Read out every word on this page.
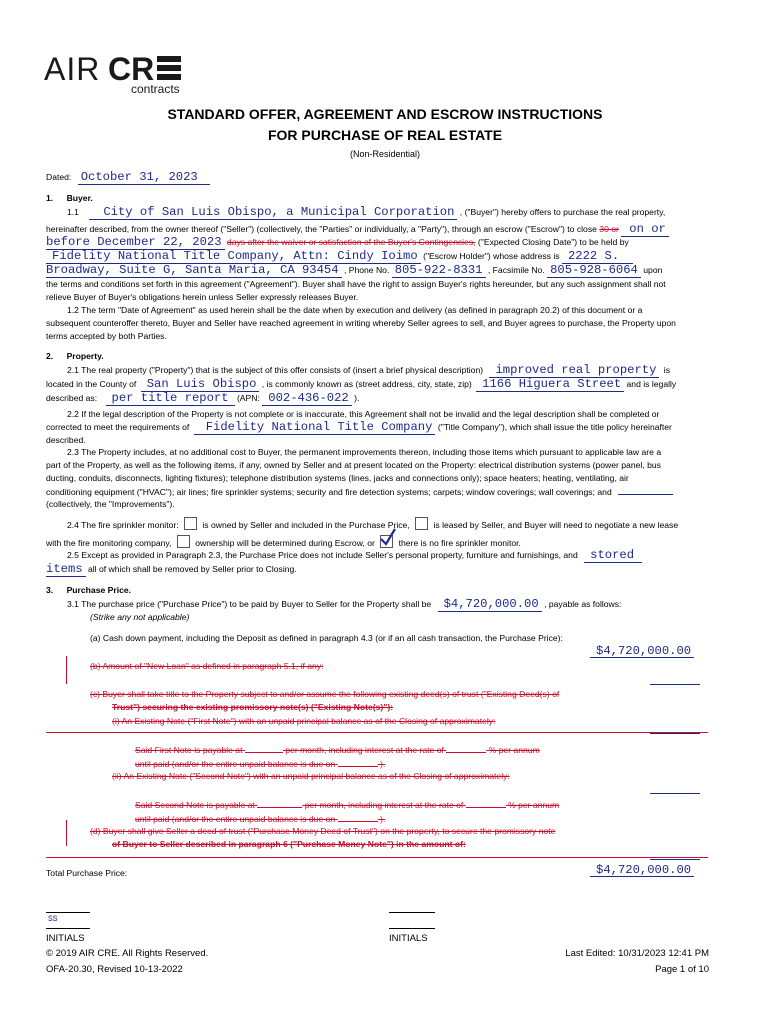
AIR CR
contracts
STANDARD OFFER, AGREEMENT AND ESCROW INSTRUCTIONS
FOR PURCHASE OF REAL ESTATE
(Non-Residential)
Dated: October 31, 2023
1. Buyer.
1.1 City of San Luis Obispo, a Municipal Corporation , ("Buyer") hereby offers to purchase the real property,
hereinafter described, from the owner thereof ("Seller") (collectively, the "Parties" or individually, a "Party"), through an escrow ("Escrow") to close 30 or on or
before December 22, 2023 days after the waiver or satisfaction of the Buyer's Contingencies, ("Expected Closing Date") to be held by
Fidelity National Title Company, Attn: Cindy Ioimo ("Escrow Holder") whose address is 2222 S.
Broadway, Suite G, Santa Maria, CA 93454 , Phone No. 805-922-8331 , Facsimile No. 805-928-6064 upon
the terms and conditions set forth in this agreement ("Agreement"). Buyer shall have the right to assign Buyer's rights hereunder, but any such assignment shall not
relieve Buyer of Buyer's obligations herein unless Seller expressly releases Buyer.
1.2 The term "Date of Agreement" as used herein shall be the date when by execution and delivery (as defined in paragraph 20.2) of this document or a
subsequent counteroffer thereto, Buyer and Seller have reached agreement in writing whereby Seller agrees to sell, and Buyer agrees to purchase, the Property upon
terms accepted by both Parties.
2. Property.
2.1 The real property ("Property") that is the subject of this offer consists of (insert a brief physical description) improved real property is
located in the County of San Luis Obispo , is commonly known as (street address, city, state, zip) 1166 Higuera Street and is legally
described as: per title report (APN: 002-436-022 ).
2.2 If the legal description of the Property is not complete or is inaccurate, this Agreement shall not be invalid and the legal description shall be completed or
corrected to meet the requirements of Fidelity National Title Company ("Title Company"), which shall issue the title policy hereinafter
described.
2.3 The Property includes, at no additional cost to Buyer, the permanent improvements thereon, including those items which pursuant to applicable law are a
part of the Property, as well as the following items, if any, owned by Seller and at present located on the Property: electrical distribution systems (power panel, bus
ducting, conduits, disconnects, lighting fixtures); telephone distribution systems (lines, jacks and connections only); space heaters; heating, ventilating, air
conditioning equipment ("HVAC"); air lines; fire sprinkler systems; security and fire detection systems; carpets; window coverings; wall coverings; and
(collectively, the "Improvements").
2.4 The fire sprinkler monitor:	is owned by Seller and included in the Purchase Price,	is leased by Seller, and Buyer will need to negotiate a new lease
with the fire monitoring company,	ownership will be determined during Escrow, or	there is no fire sprinkler monitor.
2.5 Except as provided in Paragraph 2.3, the Purchase Price does not include Seller's personal property, furniture and furnishings, and stored
items all of which shall be removed by Seller prior to Closing.
3. Purchase Price.
3.1 The purchase price ("Purchase Price") to be paid by Buyer to Seller for the Property shall be $4,720,000.00 , payable as follows:
(Strike any not applicable)
(a) Cash down payment, including the Deposit as defined in paragraph 4.3 (or if an all cash transaction, the Purchase Price):
$4,720,000.00
(b) Amount of "New Loan" as defined in paragraph 5.1, if any:
(c) Buyer shall take title to the Property subject to and/or assume the following existing deed(s) of trust ("Existing Deed(s) of
Trust") securing the existing promissory note(s) ("Existing Note(s)"):
(i) An Existing Note ("First Note") with an unpaid principal balance as of the Closing of approximately:
Said First Note is payable at	per month, including interest at the rate of	% per annum
until paid (and/or the entire unpaid balance is due on	).
(ii) An Existing Note ("Second Note") with an unpaid principal balance as of the Closing of approximately:
Said Second Note is payable at	per month, including interest at the rate of	% per annum
until paid (and/or the entire unpaid balance is due on	).
(d) Buyer shall give Seller a deed of trust ("Purchase Money Deed of Trust") on the property, to secure the promissory note
of Buyer to Seller described in paragraph 6 ("Purchase Money Note") in the amount of:
Total Purchase Price:	$4,720,000.00
SS
INITIALS	INITIALS
© 2019 AIR CRE. All Rights Reserved.
OFA-20.30, Revised 10-13-2022
Last Edited: 10/31/2023 12:41 PM
Page 1 of 10
